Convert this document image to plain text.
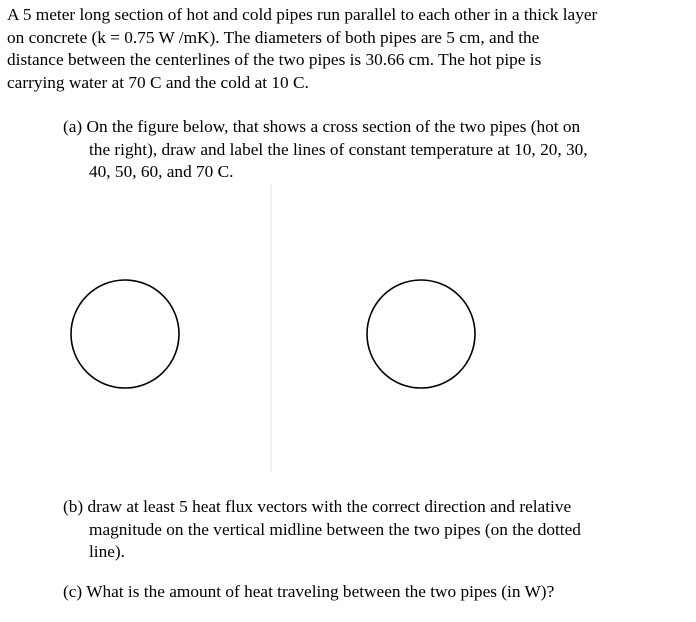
A 5 meter long section of hot and cold pipes run parallel to each other in a thick layer
on concrete (k = 0.75 W /mK). The diameters of both pipes are 5 cm, and the
distance between the centerlines of the two pipes is 30.66 cm. The hot pipe is
carrying water at 70 C and the cold at 10 C.
(a) On the figure below, that shows a cross section of the two pipes (hot on
the right), draw and label the lines of constant temperature at 10, 20, 30,
40, 50, 60, and 70 C.
(b) draw at least 5 heat flux vectors with the correct direction and relative
magnitude on the vertical midline between the two pipes (on the dotted
line).
(c) What is the amount of heat traveling between the two pipes (in W)?
